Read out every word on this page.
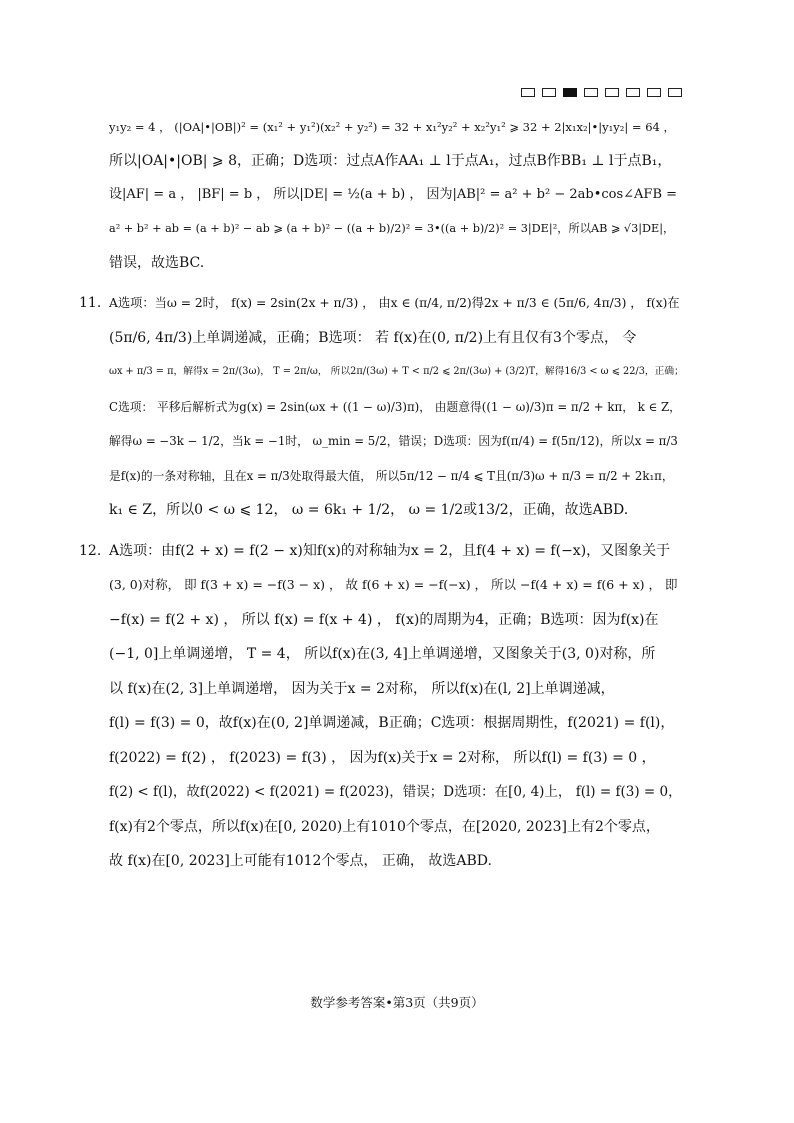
y₁y₂ = 4 ， (|OA|•|OB|)² = (x₁² + y₁²)(x₂² + y₂²) = 32 + x₁²y₂² + x₂²y₁² ⩾ 32 + 2|x₁x₂|•|y₁y₂| = 64 ，
所以|OA|•|OB| ⩾ 8，正确；D选项：过点A作AA₁ ⊥ l于点A₁，过点B作BB₁ ⊥ l于点B₁，
设|AF| = a ， |BF| = b ， 所以|DE| = ½(a + b) ， 因为|AB|² = a² + b² − 2ab•cos∠AFB =
a² + b² + ab = (a + b)² − ab ⩾ (a + b)² − ((a + b)/2)² = 3•((a + b)/2)² = 3|DE|²，所以AB ⩾ √3|DE|，
错误，故选BC.
11. A选项：当ω = 2时， f(x) = 2sin(2x + π/3) ， 由x ∈ (π/4, π/2)得2x + π/3 ∈ (5π/6, 4π/3) ， f(x)在
(5π/6, 4π/3)上单调递减，正确；B选项： 若 f(x)在(0, π/2)上有且仅有3个零点， 令
ωx + π/3 = π，解得x = 2π/(3ω)， T = 2π/ω， 所以2π/(3ω) + T < π/2 ⩽ 2π/(3ω) + (3/2)T，解得16/3 < ω ⩽ 22/3，正确；
C选项： 平移后解析式为g(x) = 2sin(ωx + ((1 − ω)/3)π)， 由题意得((1 − ω)/3)π = π/2 + kπ， k ∈ Z，
解得ω = −3k − 1/2，当k = −1时， ω_min = 5/2，错误；D选项：因为f(π/4) = f(5π/12)，所以x = π/3
是f(x)的一条对称轴，且在x = π/3处取得最大值， 所以5π/12 − π/4 ⩽ T且(π/3)ω + π/3 = π/2 + 2k₁π，
k₁ ∈ Z，所以0 < ω ⩽ 12， ω = 6k₁ + 1/2， ω = 1/2或13/2，正确，故选ABD.
12. A选项：由f(2 + x) = f(2 − x)知f(x)的对称轴为x = 2，且f(4 + x) = f(−x)，又图象关于
(3, 0)对称， 即 f(3 + x) = −f(3 − x) ， 故 f(6 + x) = −f(−x) ， 所以 −f(4 + x) = f(6 + x) ， 即
−f(x) = f(2 + x) ， 所以 f(x) = f(x + 4) ， f(x)的周期为4，正确；B选项：因为f(x)在
(−1, 0]上单调递增， T = 4， 所以f(x)在(3, 4]上单调递增，又图象关于(3, 0)对称，所
以 f(x)在(2, 3]上单调递增， 因为关于x = 2对称， 所以f(x)在(l, 2]上单调递减，
f(l) = f(3) = 0，故f(x)在(0, 2]单调递减，B正确；C选项：根据周期性，f(2021) = f(l)，
f(2022) = f(2) ， f(2023) = f(3) ， 因为f(x)关于x = 2对称， 所以f(l) = f(3) = 0 ，
f(2) < f(l)，故f(2022) < f(2021) = f(2023)，错误；D选项：在[0, 4)上， f(l) = f(3) = 0，
f(x)有2个零点，所以f(x)在[0, 2020)上有1010个零点，在[2020, 2023]上有2个零点，
故 f(x)在[0, 2023]上可能有1012个零点， 正确， 故选ABD.
数学参考答案•第3页（共9页）
